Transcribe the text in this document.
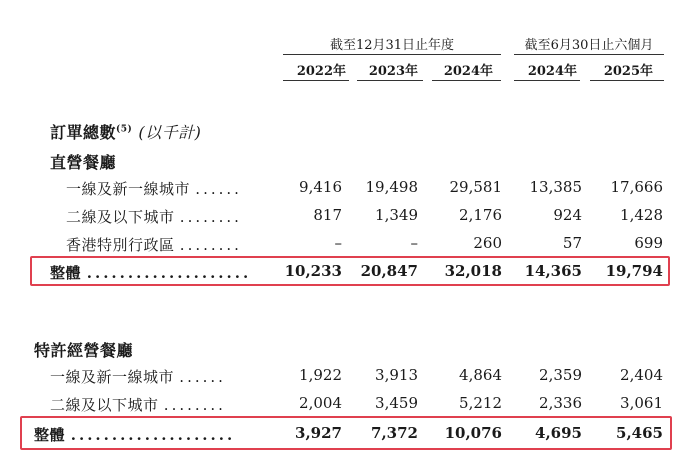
截至12月31日止年度	截至6月30日止六個月
2022年	2023年	2024年	2024年	2025年
訂單總數$^{(5)}$ (以千計)
直營餐廳
一線及新一線城市 ......	9,416	19,498	29,581	13,385	17,666
二線及以下城市 ........	817	1,349	2,176	924	1,428
香港特別行政區 ........	–	–	260	57	699
整體 ....................	10,233	20,847	32,018	14,365	19,794
特許經營餐廳
一線及新一線城市 ......	1,922	3,913	4,864	2,359	2,404
二線及以下城市 ........	2,004	3,459	5,212	2,336	3,061
整體 ....................	3,927	7,372	10,076	4,695	5,465
